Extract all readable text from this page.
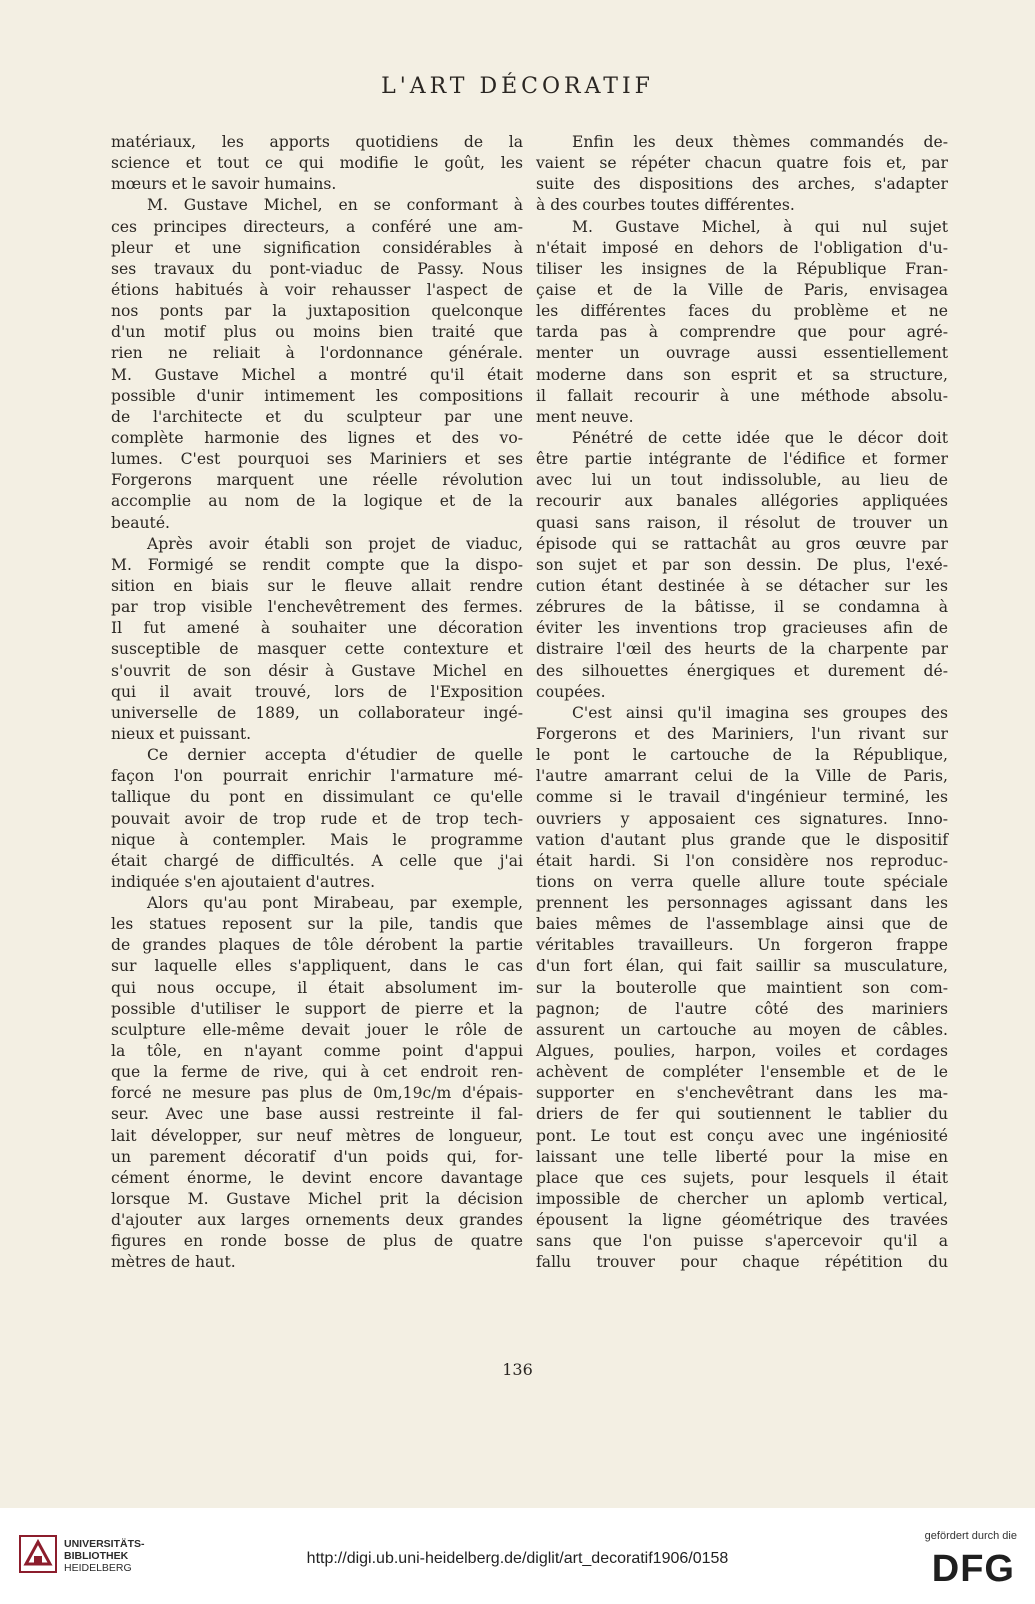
L'ART DÉCORATIF
matériaux, les apports quotidiens de la
science et tout ce qui modifie le goût, les
mœurs et le savoir humains.
M. Gustave Michel, en se conformant à
ces principes directeurs, a conféré une am-
pleur et une signification considérables à
ses travaux du pont-viaduc de Passy. Nous
étions habitués à voir rehausser l'aspect de
nos ponts par la juxtaposition quelconque
d'un motif plus ou moins bien traité que
rien ne reliait à l'ordonnance générale.
M. Gustave Michel a montré qu'il était
possible d'unir intimement les compositions
de l'architecte et du sculpteur par une
complète harmonie des lignes et des vo-
lumes. C'est pourquoi ses Mariniers et ses
Forgerons marquent une réelle révolution
accomplie au nom de la logique et de la
beauté.
Après avoir établi son projet de viaduc,
M. Formigé se rendit compte que la dispo-
sition en biais sur le fleuve allait rendre
par trop visible l'enchevêtrement des fermes.
Il fut amené à souhaiter une décoration
susceptible de masquer cette contexture et
s'ouvrit de son désir à Gustave Michel en
qui il avait trouvé, lors de l'Exposition
universelle de 1889, un collaborateur ingé-
nieux et puissant.
Ce dernier accepta d'étudier de quelle
façon l'on pourrait enrichir l'armature mé-
tallique du pont en dissimulant ce qu'elle
pouvait avoir de trop rude et de trop tech-
nique à contempler. Mais le programme
était chargé de difficultés. A celle que j'ai
indiquée s'en ajoutaient d'autres.
Alors qu'au pont Mirabeau, par exemple,
les statues reposent sur la pile, tandis que
de grandes plaques de tôle dérobent la partie
sur laquelle elles s'appliquent, dans le cas
qui nous occupe, il était absolument im-
possible d'utiliser le support de pierre et la
sculpture elle-même devait jouer le rôle de
la tôle, en n'ayant comme point d'appui
que la ferme de rive, qui à cet endroit ren-
forcé ne mesure pas plus de 0m,19c/m d'épais-
seur. Avec une base aussi restreinte il fal-
lait développer, sur neuf mètres de longueur,
un parement décoratif d'un poids qui, for-
cément énorme, le devint encore davantage
lorsque M. Gustave Michel prit la décision
d'ajouter aux larges ornements deux grandes
figures en ronde bosse de plus de quatre
mètres de haut.
Enfin les deux thèmes commandés de-
vaient se répéter chacun quatre fois et, par
suite des dispositions des arches, s'adapter
à des courbes toutes différentes.
M. Gustave Michel, à qui nul sujet
n'était imposé en dehors de l'obligation d'u-
tiliser les insignes de la République Fran-
çaise et de la Ville de Paris, envisagea
les différentes faces du problème et ne
tarda pas à comprendre que pour agré-
menter un ouvrage aussi essentiellement
moderne dans son esprit et sa structure,
il fallait recourir à une méthode absolu-
ment neuve.
Pénétré de cette idée que le décor doit
être partie intégrante de l'édifice et former
avec lui un tout indissoluble, au lieu de
recourir aux banales allégories appliquées
quasi sans raison, il résolut de trouver un
épisode qui se rattachât au gros œuvre par
son sujet et par son dessin. De plus, l'exé-
cution étant destinée à se détacher sur les
zébrures de la bâtisse, il se condamna à
éviter les inventions trop gracieuses afin de
distraire l'œil des heurts de la charpente par
des silhouettes énergiques et durement dé-
coupées.
C'est ainsi qu'il imagina ses groupes des
Forgerons et des Mariniers, l'un rivant sur
le pont le cartouche de la République,
l'autre amarrant celui de la Ville de Paris,
comme si le travail d'ingénieur terminé, les
ouvriers y apposaient ces signatures. Inno-
vation d'autant plus grande que le dispositif
était hardi. Si l'on considère nos reproduc-
tions on verra quelle allure toute spéciale
prennent les personnages agissant dans les
baies mêmes de l'assemblage ainsi que de
véritables travailleurs. Un forgeron frappe
d'un fort élan, qui fait saillir sa musculature,
sur la bouterolle que maintient son com-
pagnon; de l'autre côté des mariniers
assurent un cartouche au moyen de câbles.
Algues, poulies, harpon, voiles et cordages
achèvent de compléter l'ensemble et de le
supporter en s'enchevêtrant dans les ma-
driers de fer qui soutiennent le tablier du
pont. Le tout est conçu avec une ingéniosité
laissant une telle liberté pour la mise en
place que ces sujets, pour lesquels il était
impossible de chercher un aplomb vertical,
épousent la ligne géométrique des travées
sans que l'on puisse s'apercevoir qu'il a
fallu trouver pour chaque répétition du
136
UNIVERSITÄTS-
BIBLIOTHEK
HEIDELBERG
http://digi.ub.uni-heidelberg.de/diglit/art_decoratif1906/0158
gefördert durch die
DFG
